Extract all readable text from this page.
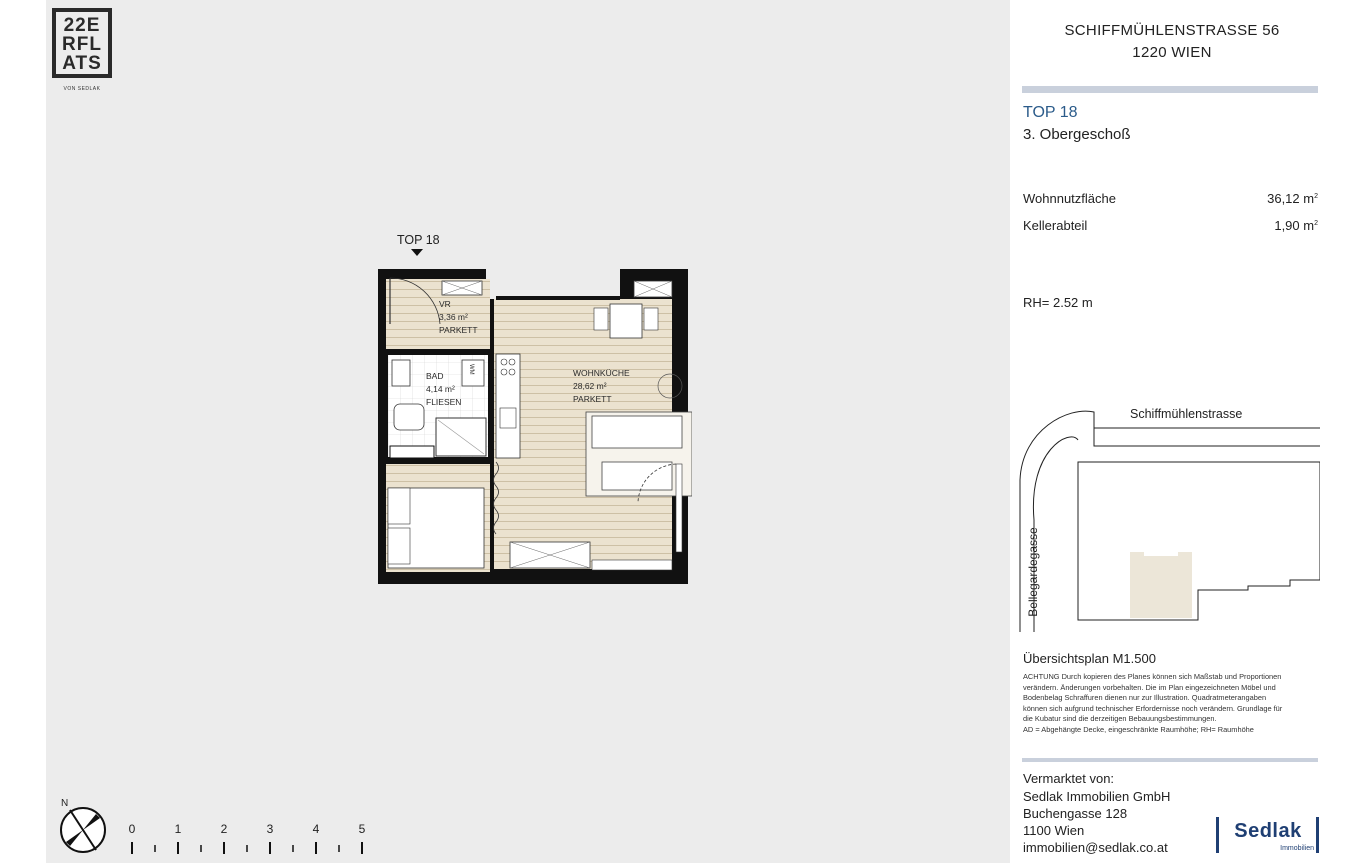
22E
RFL
ATS
VON SEDLAK
TOP 18
VR
3,36 m²
PARKETT
BAD
4,14 m²
FLIESEN
WM	WOHNKÜCHE
28,62 m²
PARKETT
N
0	1	2	3	4	5
SCHIFFMÜHLENSTRASSE 56
1220 WIEN
TOP 18
3. Obergeschoß
Wohnnutzfläche	36,12 $m^2$
Kellerabteil	1,90 $m^2$
RH= 2.52 m
Schiffmühlenstrasse
Bellegardegasse
Übersichtsplan M1.500
ACHTUNG Durch kopieren des Planes können sich Maßstab und Proportionen
verändern. Änderungen vorbehalten. Die im Plan eingezeichneten Möbel und
Bodenbelag Schraffuren dienen nur zur Illustration. Quadratmeterangaben
können sich aufgrund technischer Erfordernisse noch verändern. Grundlage für
die Kubatur sind die derzeitigen Bebauungsbestimmungen.
AD = Abgehängte Decke, eingeschränkte Raumhöhe; RH= Raumhöhe
Vermarktet von:
Sedlak Immobilien GmbH
Buchengasse 128
1100 Wien
immobilien@sedlak.co.at
Sedlak
Immobilien
